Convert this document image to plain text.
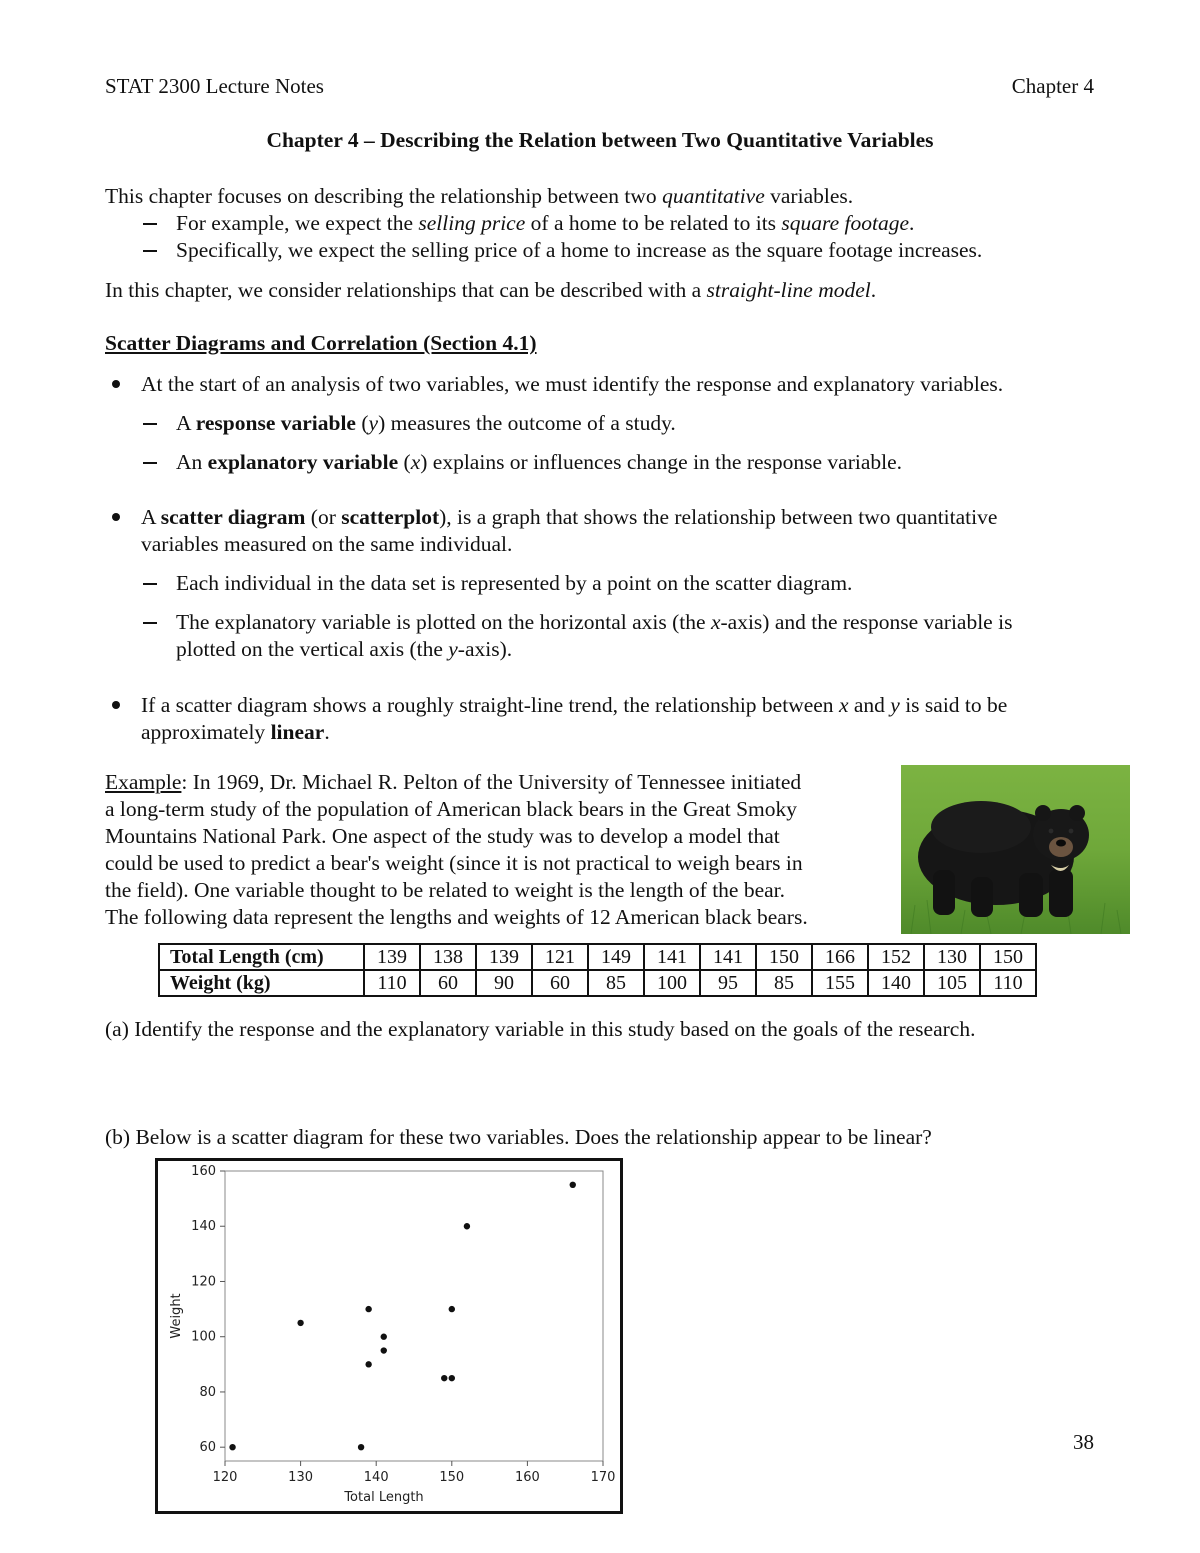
STAT 2300 Lecture Notes	Chapter 4
Chapter 4 – Describing the Relation between Two Quantitative Variables
This chapter focuses on describing the relationship between two quantitative variables.
For example, we expect the selling price of a home to be related to its square footage.
Specifically, we expect the selling price of a home to increase as the square footage increases.
In this chapter, we consider relationships that can be described with a straight-line model.
Scatter Diagrams and Correlation (Section 4.1)
At the start of an analysis of two variables, we must identify the response and explanatory variables.
A response variable (y) measures the outcome of a study.
An explanatory variable (x) explains or influences change in the response variable.
A scatter diagram (or scatterplot), is a graph that shows the relationship between two quantitative
variables measured on the same individual.
Each individual in the data set is represented by a point on the scatter diagram.
The explanatory variable is plotted on the horizontal axis (the x-axis) and the response variable is
plotted on the vertical axis (the y-axis).
If a scatter diagram shows a roughly straight-line trend, the relationship between x and y is said to be
approximately linear.
Example: In 1969, Dr. Michael R. Pelton of the University of Tennessee initiated
a long-term study of the population of American black bears in the Great Smoky
Mountains National Park. One aspect of the study was to develop a model that
could be used to predict a bear's weight (since it is not practical to weigh bears in
the field). One variable thought to be related to weight is the length of the bear.
The following data represent the lengths and weights of 12 American black bears.
Total Length (cm)	139	138	139	121	149	141	141	150	166	152	130	150
Weight (kg)	110	60	90	60	85	100	95	85	155	140	105	110
(a) Identify the response and the explanatory variable in this study based on the goals of the research.
(b) Below is a scatter diagram for these two variables. Does the relationship appear to be linear?
120	130	140	150	160	170
60
80
100
120
140
160
Total Length
Weight
38
